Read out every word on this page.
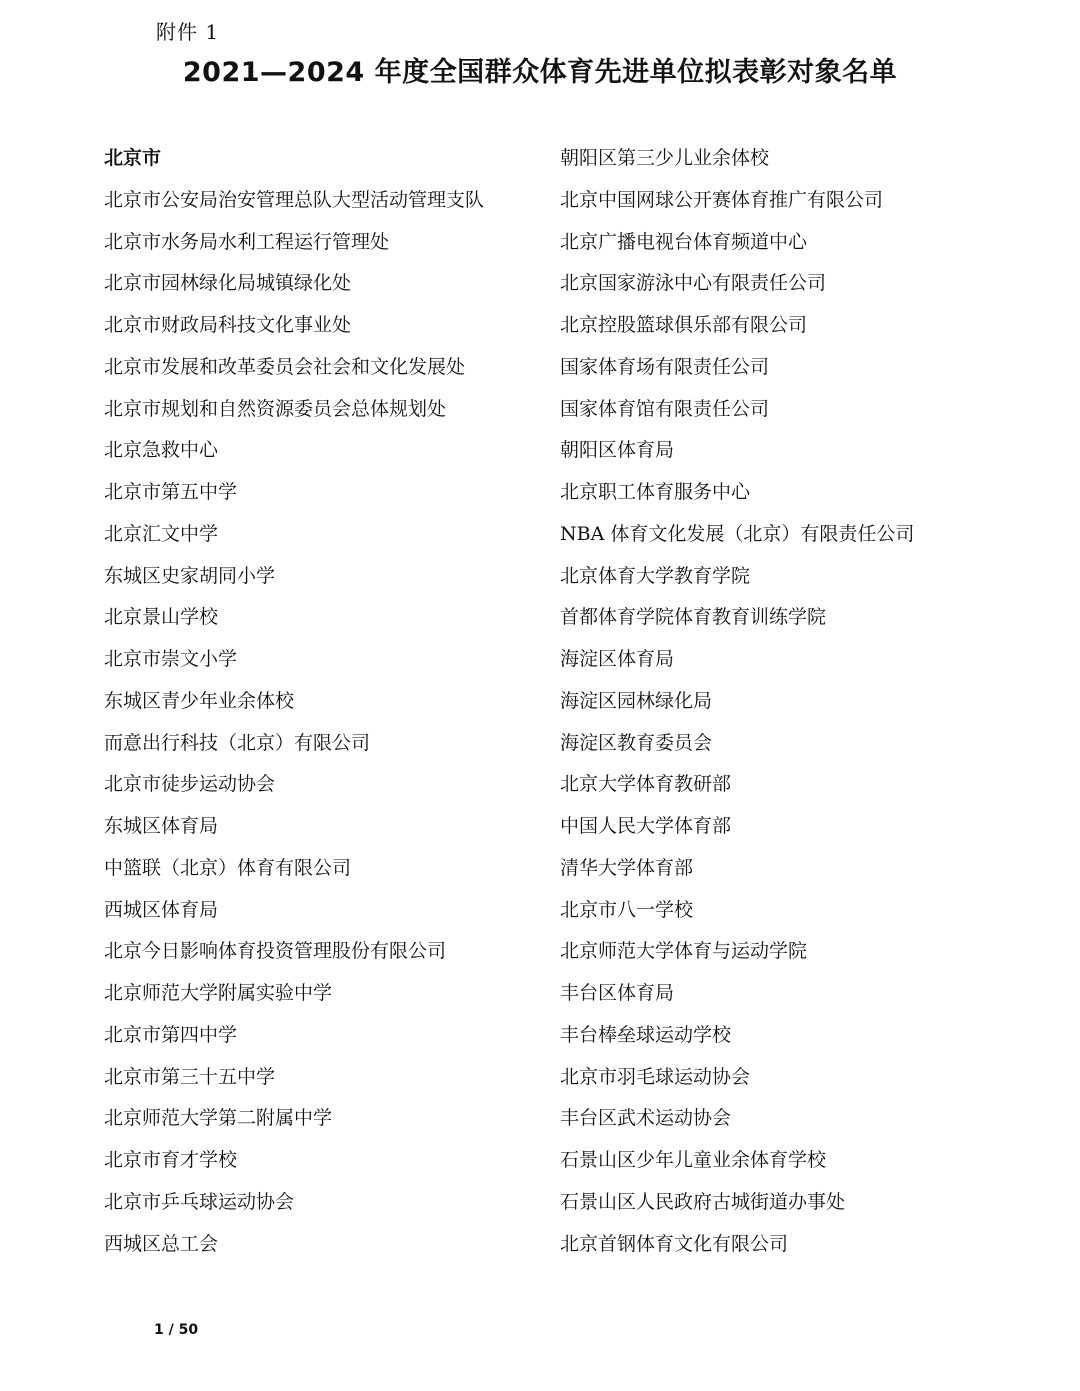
附件 1
2021—2024 年度全国群众体育先进单位拟表彰对象名单
北京市
北京市公安局治安管理总队大型活动管理支队
北京市水务局水利工程运行管理处
北京市园林绿化局城镇绿化处
北京市财政局科技文化事业处
北京市发展和改革委员会社会和文化发展处
北京市规划和自然资源委员会总体规划处
北京急救中心
北京市第五中学
北京汇文中学
东城区史家胡同小学
北京景山学校
北京市崇文小学
东城区青少年业余体校
而意出行科技（北京）有限公司
北京市徒步运动协会
东城区体育局
中篮联（北京）体育有限公司
西城区体育局
北京今日影响体育投资管理股份有限公司
北京师范大学附属实验中学
北京市第四中学
北京市第三十五中学
北京师范大学第二附属中学
北京市育才学校
北京市乒乓球运动协会
西城区总工会
朝阳区第三少儿业余体校
北京中国网球公开赛体育推广有限公司
北京广播电视台体育频道中心
北京国家游泳中心有限责任公司
北京控股篮球俱乐部有限公司
国家体育场有限责任公司
国家体育馆有限责任公司
朝阳区体育局
北京职工体育服务中心
NBA 体育文化发展（北京）有限责任公司
北京体育大学教育学院
首都体育学院体育教育训练学院
海淀区体育局
海淀区园林绿化局
海淀区教育委员会
北京大学体育教研部
中国人民大学体育部
清华大学体育部
北京市八一学校
北京师范大学体育与运动学院
丰台区体育局
丰台棒垒球运动学校
北京市羽毛球运动协会
丰台区武术运动协会
石景山区少年儿童业余体育学校
石景山区人民政府古城街道办事处
北京首钢体育文化有限公司
1 / 50
